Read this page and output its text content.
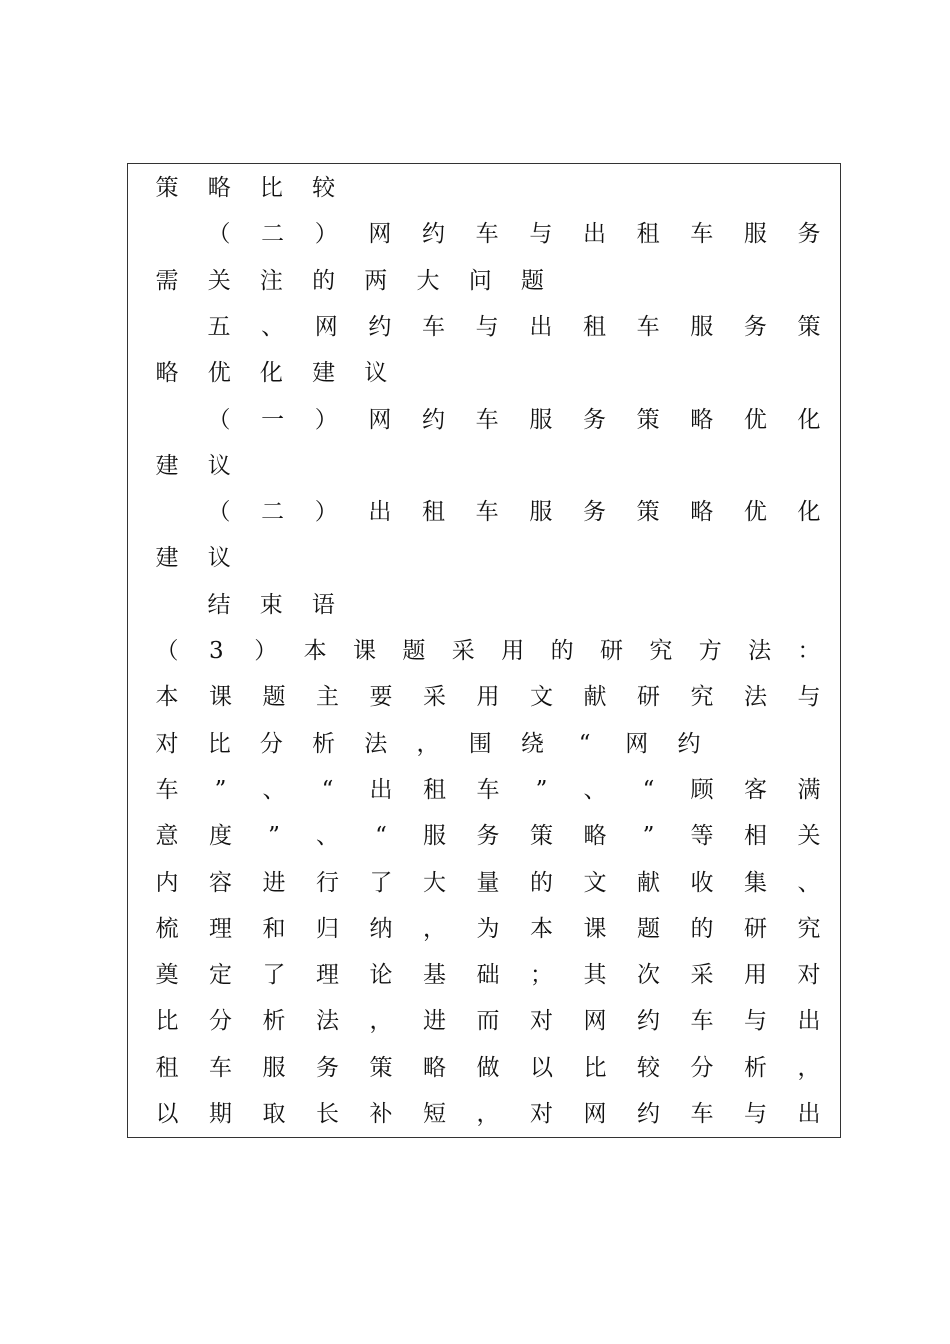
策 略 比 较
（ 二 ） 网 约 车 与 出 租 车 服 务
需 关 注 的 两 大 问 题
五 、 网 约 车 与 出 租 车 服 务 策
略 优 化 建 议
（ 一 ） 网 约 车 服 务 策 略 优 化
建 议
（ 二 ） 出 租 车 服 务 策 略 优 化
建 议
结 束 语
（ 3 ） 本 课 题 采 用 的 研 究 方 法 ：
本 课 题 主 要 采 用 文 献 研 究 法 与
对 比 分 析 法 ， 围 绕	“	网 约
车	”	、	“	出 租 车	”	、	“	顾 客 满
意 度	”	、	“	服 务 策 略	”	等 相 关
内 容 进 行 了 大 量 的 文 献 收 集 、
梳 理 和 归 纳 ， 为 本 课 题 的 研 究
奠 定 了 理 论 基 础 ； 其 次 采 用 对
比 分 析 法 ， 进 而 对 网 约 车 与 出
租 车 服 务 策 略 做 以 比 较 分 析 ，
以 期 取 长 补 短 ， 对 网 约 车 与 出
